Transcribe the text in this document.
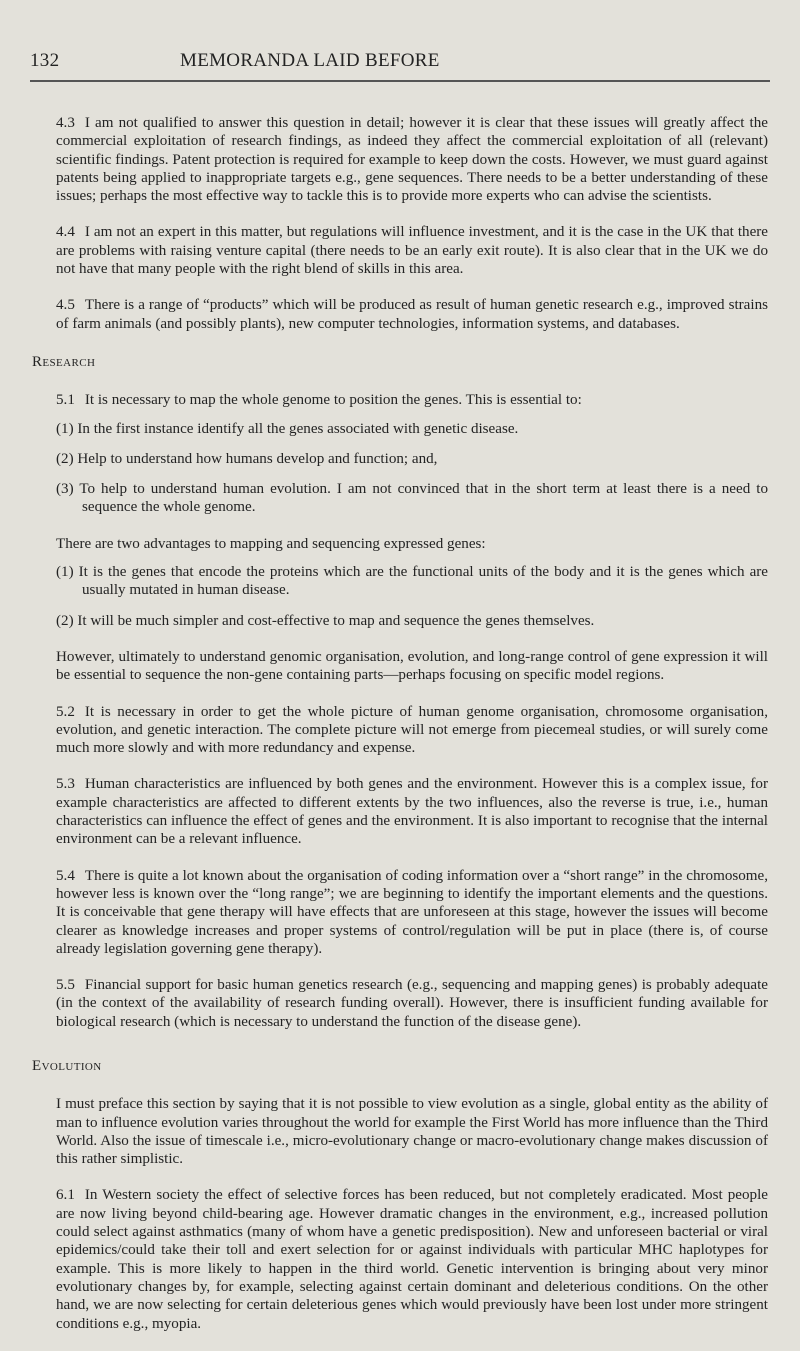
132	MEMORANDA LAID BEFORE

4.3 I am not qualified to answer this question in detail; however it is clear that these issues will greatly affect the commercial exploitation of research findings, as indeed they affect the commercial exploitation of all (relevant) scientific findings. Patent protection is required for example to keep down the costs. However, we must guard against patents being applied to inappropriate targets e.g., gene sequences. There needs to be a better understanding of these issues; perhaps the most effective way to tackle this is to provide more experts who can advise the scientists.

4.4 I am not an expert in this matter, but regulations will influence investment, and it is the case in the UK that there are problems with raising venture capital (there needs to be an early exit route). It is also clear that in the UK we do not have that many people with the right blend of skills in this area.

4.5 There is a range of “products” which will be produced as result of human genetic research e.g., improved strains of farm animals (and possibly plants), new computer technologies, information systems, and databases.

Research

5.1 It is necessary to map the whole genome to position the genes. This is essential to:

(1) In the first instance identify all the genes associated with genetic disease.
(2) Help to understand how humans develop and function; and,
(3) To help to understand human evolution. I am not convinced that in the short term at least there is a need to sequence the whole genome.

There are two advantages to mapping and sequencing expressed genes:

(1) It is the genes that encode the proteins which are the functional units of the body and it is the genes which are usually mutated in human disease.
(2) It will be much simpler and cost-effective to map and sequence the genes themselves.

However, ultimately to understand genomic organisation, evolution, and long-range control of gene expression it will be essential to sequence the non-gene containing parts—perhaps focusing on specific model regions.

5.2 It is necessary in order to get the whole picture of human genome organisation, chromosome organisation, evolution, and genetic interaction. The complete picture will not emerge from piecemeal studies, or will surely come much more slowly and with more redundancy and expense.

5.3 Human characteristics are influenced by both genes and the environment. However this is a complex issue, for example characteristics are affected to different extents by the two influences, also the reverse is true, i.e., human characteristics can influence the effect of genes and the environment. It is also important to recognise that the internal environment can be a relevant influence.

5.4 There is quite a lot known about the organisation of coding information over a “short range” in the chromosome, however less is known over the “long range”; we are beginning to identify the important elements and the questions. It is conceivable that gene therapy will have effects that are unforeseen at this stage, however the issues will become clearer as knowledge increases and proper systems of control/regulation will be put in place (there is, of course already legislation governing gene therapy).

5.5 Financial support for basic human genetics research (e.g., sequencing and mapping genes) is probably adequate (in the context of the availability of research funding overall). However, there is insufficient funding available for biological research (which is necessary to understand the function of the disease gene).

Evolution

I must preface this section by saying that it is not possible to view evolution as a single, global entity as the ability of man to influence evolution varies throughout the world for example the First World has more influence than the Third World. Also the issue of timescale i.e., micro-evolutionary change or macro-evolutionary change makes discussion of this rather simplistic.

6.1 In Western society the effect of selective forces has been reduced, but not completely eradicated. Most people are now living beyond child-bearing age. However dramatic changes in the environment, e.g., increased pollution could select against asthmatics (many of whom have a genetic predisposition). New and unforeseen bacterial or viral epidemics/could take their toll and exert selection for or against individuals with particular MHC haplotypes for example. This is more likely to happen in the third world. Genetic intervention is bringing about very minor evolutionary changes by, for example, selecting against certain dominant and deleterious conditions. On the other hand, we are now selecting for certain deleterious genes which would previously have been lost under more stringent conditions e.g., myopia.
